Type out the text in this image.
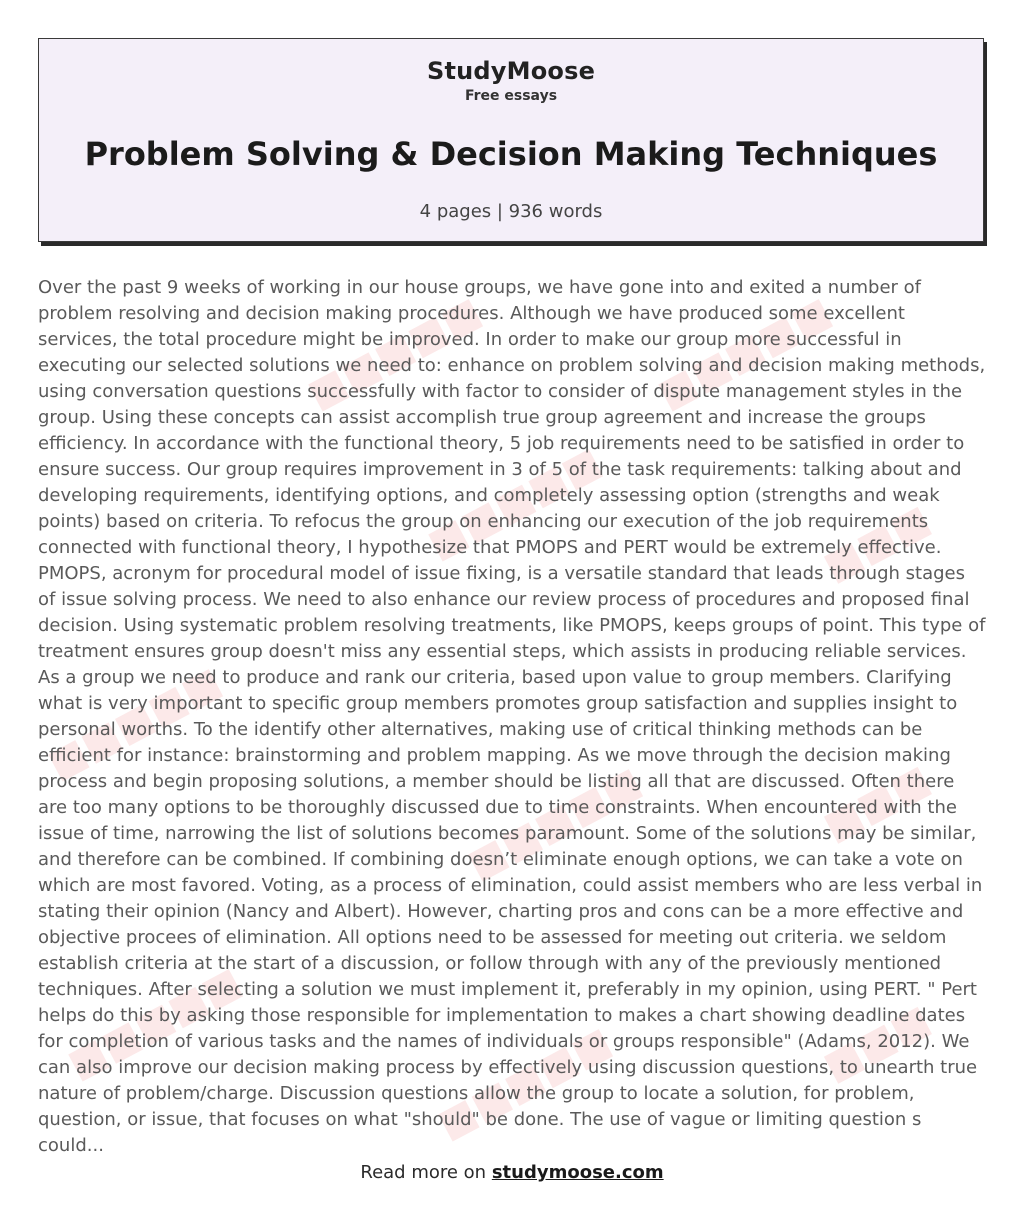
StudyMoose
Free essays
Problem Solving & Decision Making Techniques
4 pages | 936 words
■■■■■	■■■■■
■■■■■	■■■
■■■■■
■■■■■	■■■
■■■■■	■■■■■	■■■

Over the past 9 weeks of working in our house groups, we have gone into and exited a number of problem resolving and decision making procedures. Although we have produced some excellent services, the total procedure might be improved. In order to make our group more successful in executing our selected solutions we need to: enhance on problem solving and decision making methods, using conversation questions successfully with factor to consider of dispute management styles in the group. Using these concepts can assist accomplish true group agreement and increase the groups efficiency. In accordance with the functional theory, 5 job requirements need to be satisfied in order to ensure success. Our group requires improvement in 3 of 5 of the task requirements: talking about and developing requirements, identifying options, and completely assessing option (strengths and weak points) based on criteria. To refocus the group on enhancing our execution of the job requirements connected with functional theory, I hypothesize that PMOPS and PERT would be extremely effective. PMOPS, acronym for procedural model of issue fixing, is a versatile standard that leads through stages of issue solving process. We need to also enhance our review process of procedures and proposed final decision. Using systematic problem resolving treatments, like PMOPS, keeps groups of point. This type of treatment ensures group doesn't miss any essential steps, which assists in producing reliable services. As a group we need to produce and rank our criteria, based upon value to group members. Clarifying what is very important to specific group members promotes group satisfaction and supplies insight to personal worths. To the identify other alternatives, making use of critical thinking methods can be efficient for instance: brainstorming and problem mapping. As we move through the decision making process and begin proposing solutions, a member should be listing all that are discussed. Often there are too many options to be thoroughly discussed due to time constraints. When encountered with the issue of time, narrowing the list of solutions becomes paramount. Some of the solutions may be similar, and therefore can be combined. If combining doesn’t eliminate enough options, we can take a vote on which are most favored. Voting, as a process of elimination, could assist members who are less verbal in stating their opinion (Nancy and Albert). However, charting pros and cons can be a more effective and objective procees of elimination. All options need to be assessed for meeting out criteria. we seldom establish criteria at the start of a discussion, or follow through with any of the previously mentioned techniques. After selecting a solution we must implement it, preferably in my opinion, using PERT. " Pert helps do this by asking those responsible for implementation to makes a chart showing deadline dates for completion of various tasks and the names of individuals or groups responsible" (Adams, 2012). We can also improve our decision making process by effectively using discussion questions, to unearth true nature of problem/charge. Discussion questions allow the group to locate a solution, for problem, question, or issue, that focuses on what "should" be done. The use of vague or limiting question s could...

Read more on studymoose.com
